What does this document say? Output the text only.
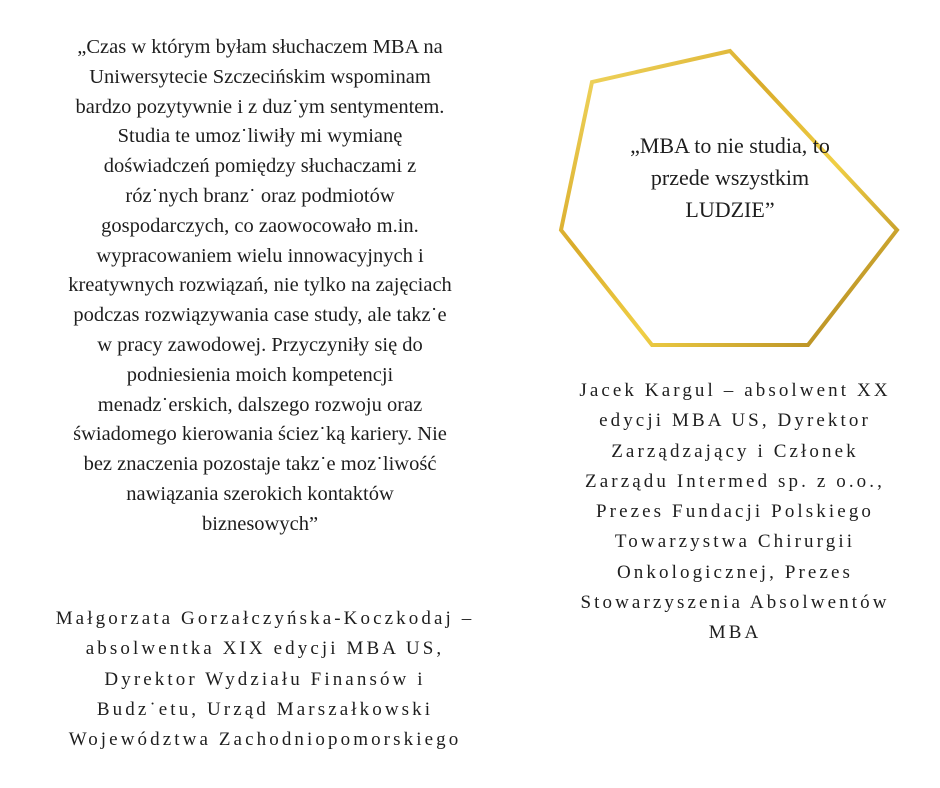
„Czas w którym byłam słuchaczem MBA na
Uniwersytecie Szczecińskim wspominam
bardzo pozytywnie i z duz˙ym sentymentem.
Studia te umoz˙liwiły mi wymianę
doświadczeń pomiędzy słuchaczami z
róz˙nych branz˙ oraz podmiotów
gospodarczych, co zaowocowało m.in.
wypracowaniem wielu innowacyjnych i
kreatywnych rozwiązań, nie tylko na zajęciach
podczas rozwiązywania case study, ale takz˙e
w pracy zawodowej. Przyczyniły się do
podniesienia moich kompetencji
menadz˙erskich, dalszego rozwoju oraz
świadomego kierowania ściez˙ką kariery. Nie
bez znaczenia pozostaje takz˙e moz˙liwość
nawiązania szerokich kontaktów
biznesowych”

Małgorzata Gorzałczyńska-Koczkodaj –
absolwentka XIX edycji MBA US,
Dyrektor Wydziału Finansów i
Budz˙etu, Urząd Marszałkowski
Województwa Zachodniopomorskiego

„MBA to nie studia, to
przede wszystkim
LUDZIE”

Jacek Kargul – absolwent XX
edycji MBA US, Dyrektor
Zarządzający i Członek
Zarządu Intermed sp. z o.o.,
Prezes Fundacji Polskiego
Towarzystwa Chirurgii
Onkologicznej, Prezes
Stowarzyszenia Absolwentów
MBA
